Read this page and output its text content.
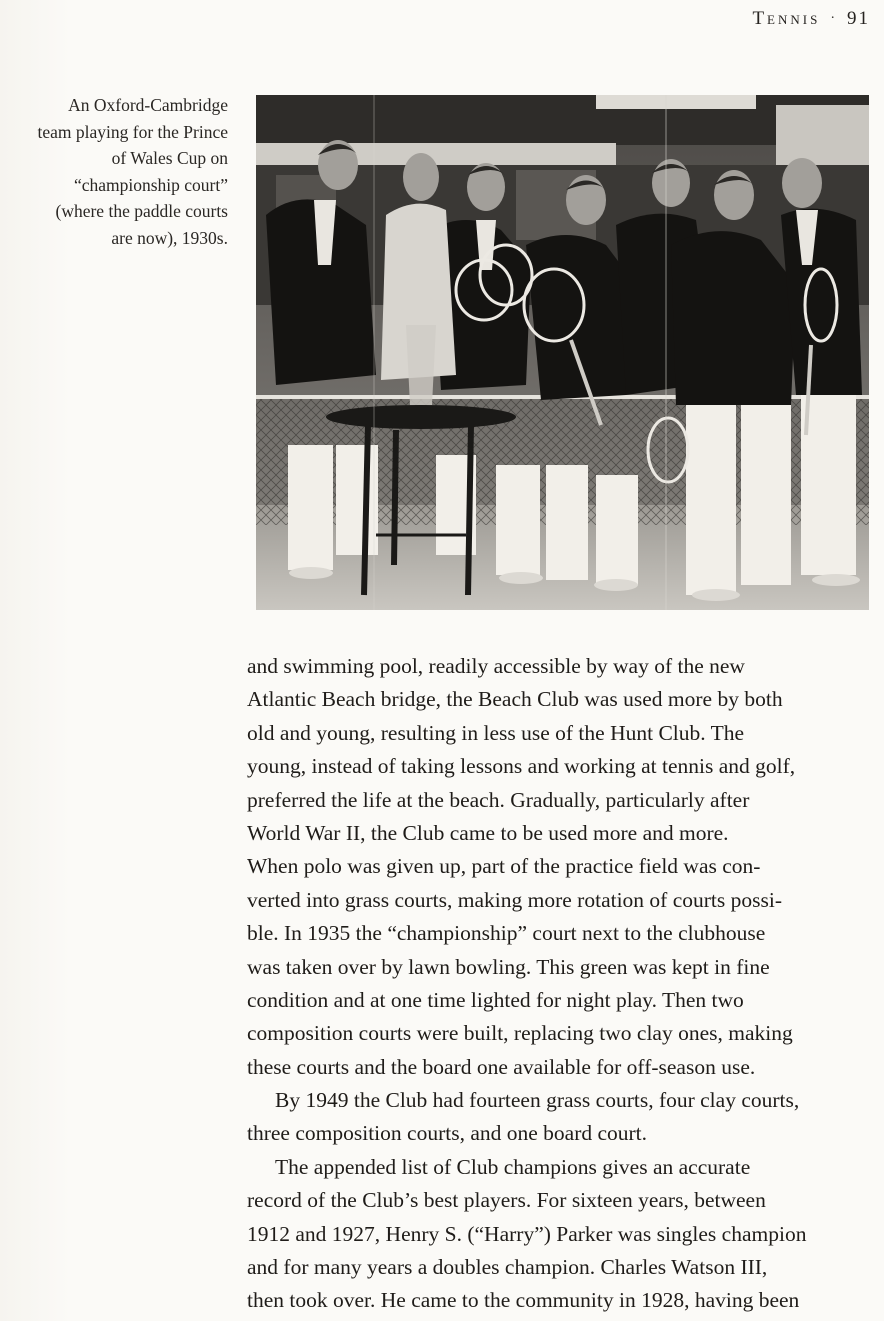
Tennis · 91
An Oxford-Cambridge
team playing for the Prince
of Wales Cup on
“championship court”
(where the paddle courts
are now), 1930s.
and swimming pool, readily accessible by way of the new
Atlantic Beach bridge, the Beach Club was used more by both
old and young, resulting in less use of the Hunt Club. The
young, instead of taking lessons and working at tennis and golf,
preferred the life at the beach. Gradually, particularly after
World War II, the Club came to be used more and more.
When polo was given up, part of the practice field was con-
verted into grass courts, making more rotation of courts possi-
ble. In 1935 the “championship” court next to the clubhouse
was taken over by lawn bowling. This green was kept in fine
condition and at one time lighted for night play. Then two
composition courts were built, replacing two clay ones, making
these courts and the board one available for off-season use.
By 1949 the Club had fourteen grass courts, four clay courts,
three composition courts, and one board court.
The appended list of Club champions gives an accurate
record of the Club’s best players. For sixteen years, between
1912 and 1927, Henry S. (“Harry”) Parker was singles champion
and for many years a doubles champion. Charles Watson III,
then took over. He came to the community in 1928, having been
